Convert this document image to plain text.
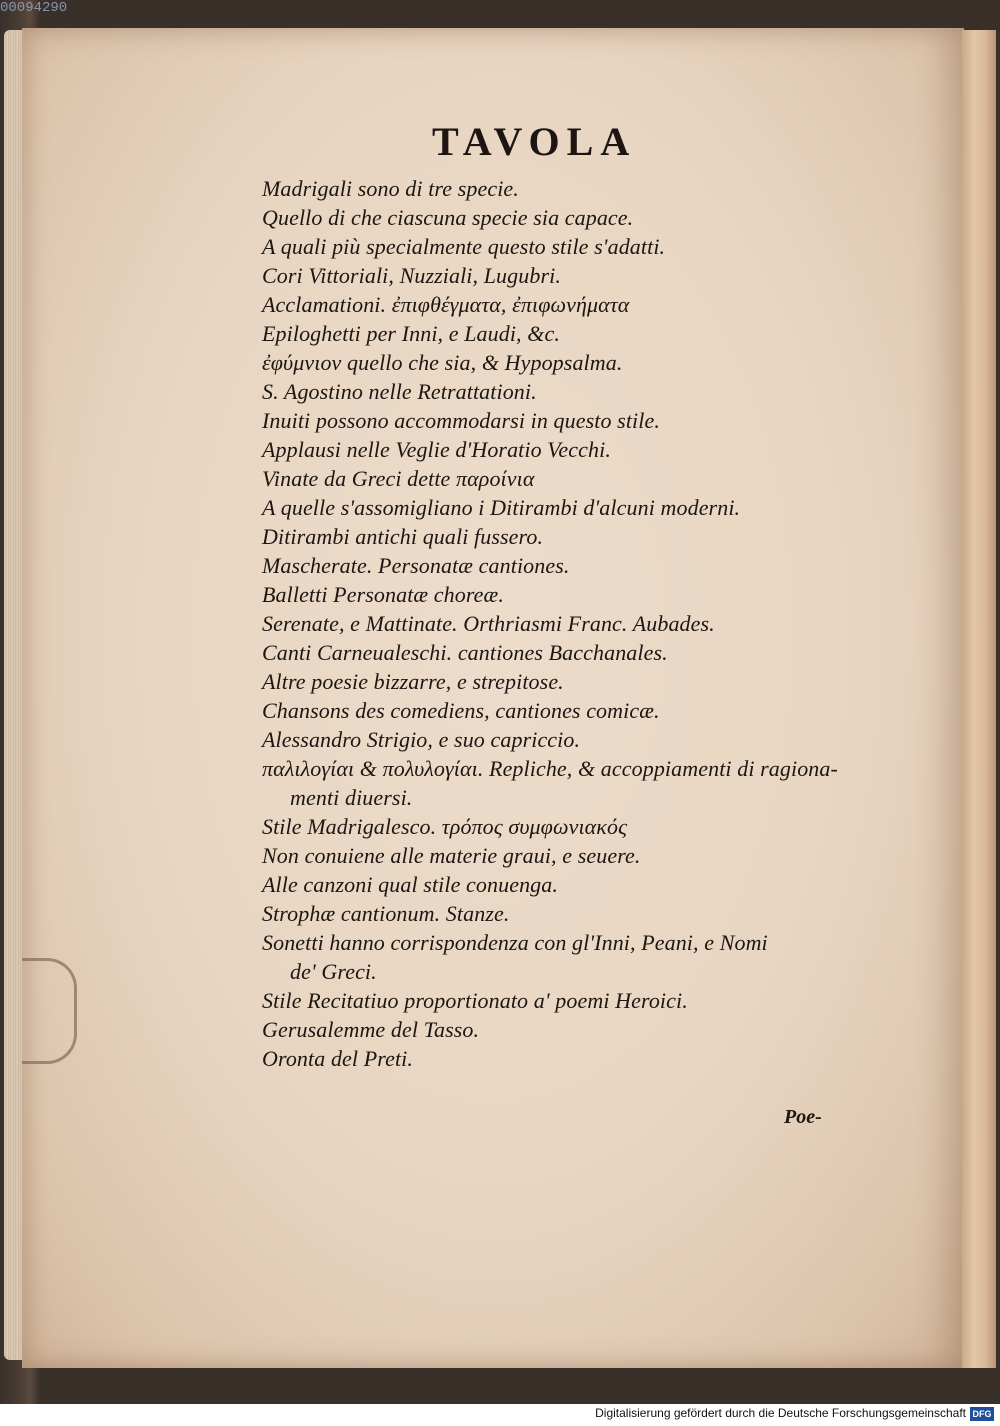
00094290
TAVOLA
Madrigali sono di tre specie.
Quello di che ciascuna specie sia capace.
A quali più specialmente questo stile s'adatti.
Cori Vittoriali, Nuzziali, Lugubri.
Acclamationi. ἐπιφθέγματα, ἐπιφωνήματα
Epiloghetti per Inni, e Laudi, &c.
ἐφύμνιον quello che sia, & Hypopsalma.
S. Agostino nelle Retrattationi.
Inuiti possono accommodarsi in questo stile.
Applausi nelle Veglie d'Horatio Vecchi.
Vinate da Greci dette παροίνια
A quelle s'assomigliano i Ditirambi d'alcuni moderni.
Ditirambi antichi quali fussero.
Mascherate. Personatæ cantiones.
Balletti Personatæ choreæ.
Serenate, e Mattinate. Orthriasmi Franc. Aubades.
Canti Carneualeschi. cantiones Bacchanales.
Altre poesie bizzarre, e strepitose.
Chansons des comediens, cantiones comicæ.
Alessandro Strigio, e suo capriccio.
παλιλογίαι & πολυλογίαι. Repliche, & accoppiamenti di ragiona-
menti diuersi.
Stile Madrigalesco. τρόπος συμφωνιακός
Non conuiene alle materie graui, e seuere.
Alle canzoni qual stile conuenga.
Strophæ cantionum. Stanze.
Sonetti hanno corrispondenza con gl'Inni, Peani, e Nomi
de' Greci.
Stile Recitatiuo proportionato a' poemi Heroici.
Gerusalemme del Tasso.
Oronta del Preti.
Poe-
Digitalisierung gefördert durch die Deutsche Forschungsgemeinschaft DFG
